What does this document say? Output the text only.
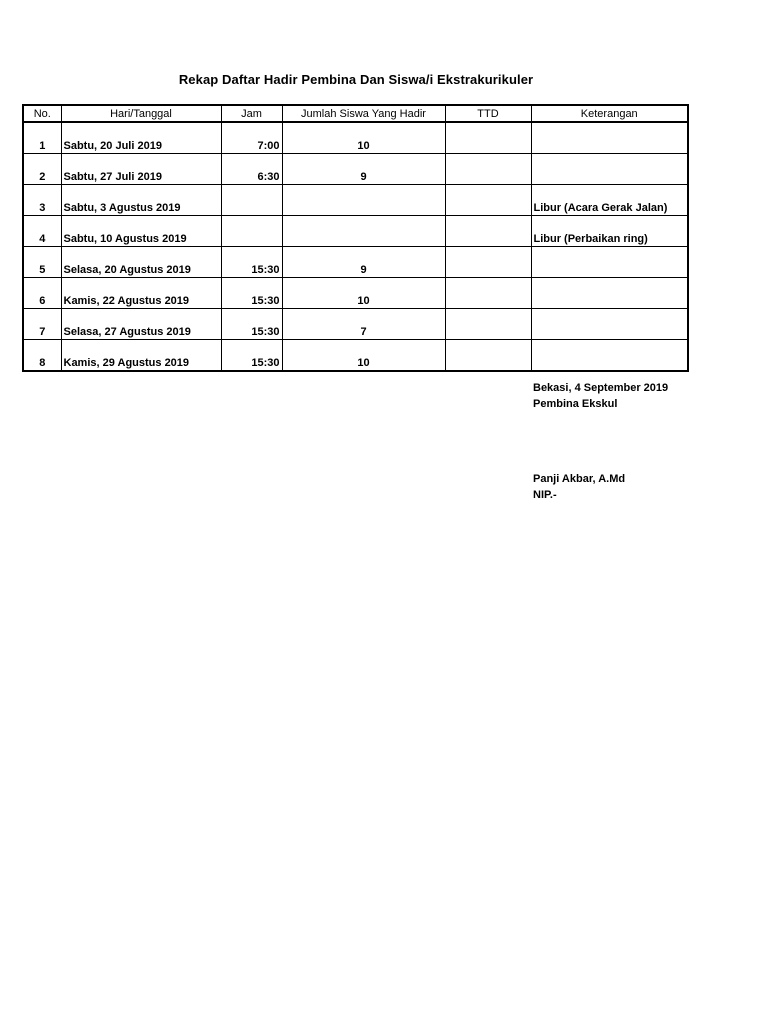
Rekap Daftar Hadir Pembina Dan Siswa/i Ekstrakurikuler
No.	Hari/Tanggal	Jam	Jumlah Siswa Yang Hadir	TTD	Keterangan
1	Sabtu, 20 Juli 2019	7:00	10		
2	Sabtu, 27 Juli 2019	6:30	9		
3	Sabtu, 3 Agustus 2019				Libur (Acara Gerak Jalan)
4	Sabtu, 10 Agustus 2019				Libur (Perbaikan ring)
5	Selasa, 20 Agustus 2019	15:30	9		
6	Kamis, 22 Agustus 2019	15:30	10		
7	Selasa, 27 Agustus 2019	15:30	7		
8	Kamis, 29 Agustus 2019	15:30	10		
Bekasi, 4 September 2019
Pembina Ekskul
Panji Akbar, A.Md
NIP.-
